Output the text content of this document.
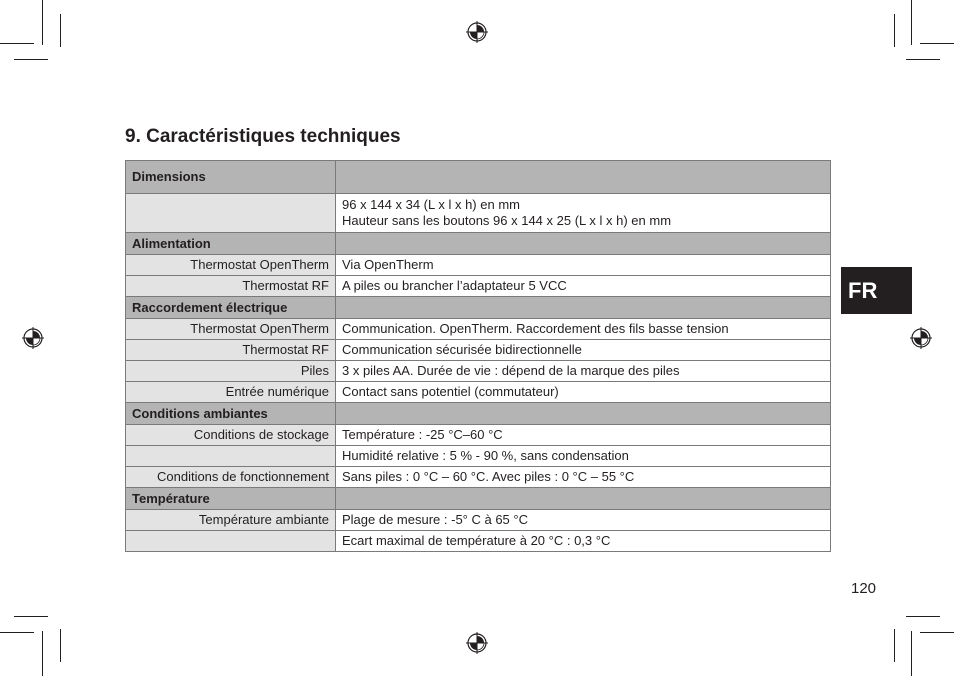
9. Caractéristiques techniques
Dimensions	

	96 x 144 x 34 (L x l x h) en mm
Hauteur sans les boutons 96 x 144 x 25 (L x l x h) en mm

Alimentation	
Thermostat OpenTherm	Via OpenTherm
Thermostat RF	A piles ou brancher l’adaptateur 5 VCC
Raccordement électrique	
Thermostat OpenTherm	Communication. OpenTherm. Raccordement des fils basse tension
Thermostat RF	Communication sécurisée bidirectionnelle
Piles	3 x piles AA. Durée de vie : dépend de la marque des piles
Entrée numérique	Contact sans potentiel (commutateur)
Conditions ambiantes	
Conditions de stockage	Température : -25 °C–60 °C
	Humidité relative : 5 % - 90 %, sans condensation
Conditions de fonctionnement	Sans piles : 0 °C – 60 °C. Avec piles : 0 °C – 55 °C
Température	
Température ambiante	Plage de mesure : -5° C à 65 °C
	Ecart maximal de température à 20 °C : 0,3 °C
FR
120
